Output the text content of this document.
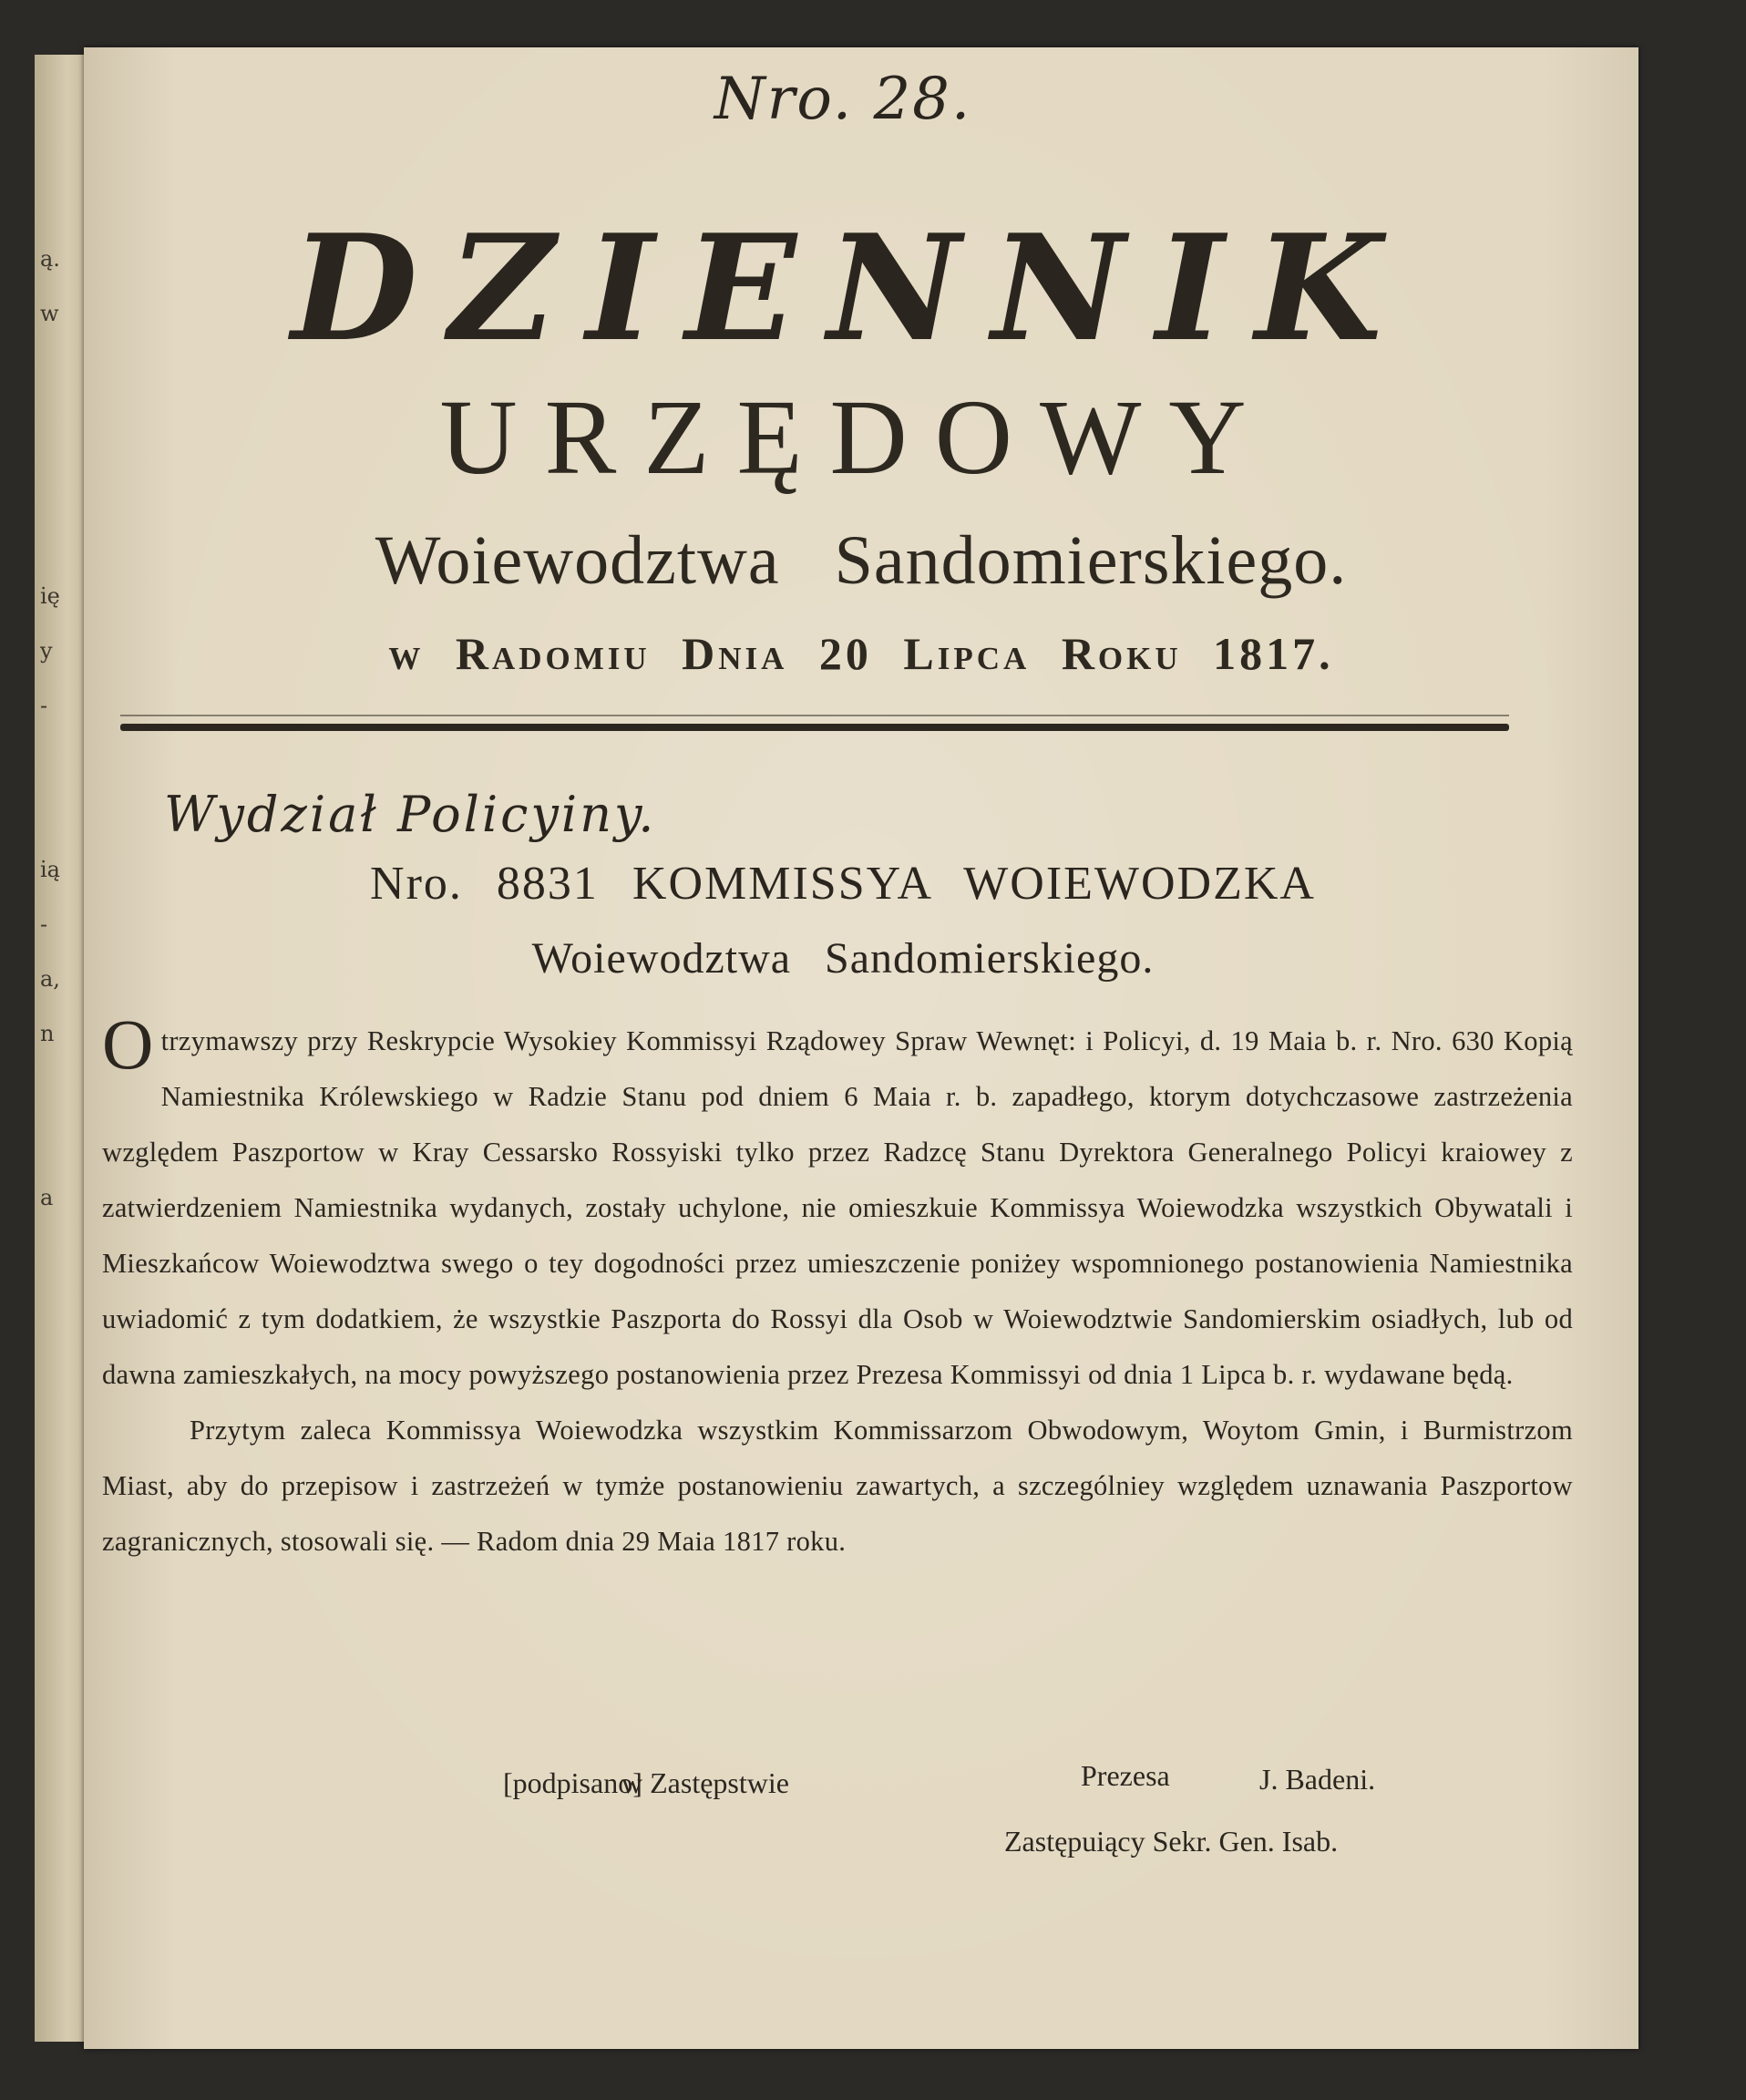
ą.
w
ię
y
-
ią
-
a,
n
a
Nro. 28.
DZIENNIK
URZĘDOWY
Woiewodztwa Sandomierskiego.
w Radomiu Dnia 20 Lipca Roku 1817.
Wydział Policyiny.
Nro. 8831 KOMMISSYA WOIEWODZKA
Woiewodztwa Sandomierskiego.

Otrzymawszy przy Reskrypcie Wysokiey Kommissyi Rządowey Spraw Wewnęt: i Policyi, d. 19 Maia b. r. Nro. 630 Kopią Namiestnika Królewskiego w Radzie Stanu pod dniem 6 Maia r. b. zapadłego, ktorym dotychczasowe zastrzeżenia względem Paszportow w Kray Cessarsko Rossyiski tylko przez Radzcę Stanu Dyrektora Generalnego Policyi kraiowey z zatwierdzeniem Namiestnika wydanych, zostały uchylone, nie omieszkuie Kommissya Woiewodzka wszystkich Obywatali i Mieszkańcow Woiewodztwa swego o tey dogodności przez umieszczenie poniżey wspomnionego postanowienia Namiestnika uwiadomić z tym dodatkiem, że wszystkie Paszporta do Rossyi dla Osob w Woiewodztwie Sandomierskim osiadłych, lub od dawna zamieszkałych, na mocy powyższego postanowienia przez Prezesa Kommissyi od dnia 1 Lipca b. r. wydawane będą.

Przytym zaleca Kommissya Woiewodzka wszystkim Kommissarzom Obwodowym, Woytom Gmin, i Burmistrzom Miast, aby do przepisow i zastrzeżeń w tymże postanowieniu zawartych, a szczególniey względem uznawania Paszportow zagranicznych, stosowali się. — Radom dnia 29 Maia 1817 roku.

[podpisano]
w Zastępstwie	Prezesa	J. Badeni.
Zastępuiący Sekr. Gen. Isab.
